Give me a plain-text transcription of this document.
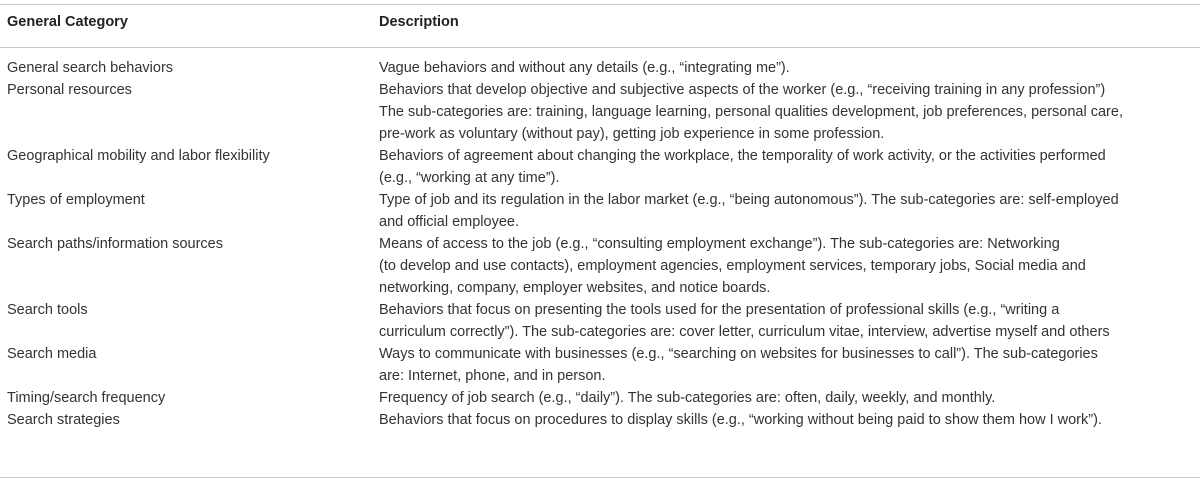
General Category	Description
General search behaviors	Vague behaviors and without any details (e.g., “integrating me”).
Personal resources	Behaviors that develop objective and subjective aspects of the worker (e.g., “receiving training in any profession”)
The sub-categories are: training, language learning, personal qualities development, job preferences, personal care,
pre-work as voluntary (without pay), getting job experience in some profession.
Geographical mobility and labor flexibility	Behaviors of agreement about changing the workplace, the temporality of work activity, or the activities performed
(e.g., “working at any time”).
Types of employment	Type of job and its regulation in the labor market (e.g., “being autonomous”). The sub-categories are: self-employed
and official employee.
Search paths/information sources	Means of access to the job (e.g., “consulting employment exchange”). The sub-categories are: Networking
(to develop and use contacts), employment agencies, employment services, temporary jobs, Social media and
networking, company, employer websites, and notice boards.
Search tools	Behaviors that focus on presenting the tools used for the presentation of professional skills (e.g., “writing a
curriculum correctly”). The sub-categories are: cover letter, curriculum vitae, interview, advertise myself and others
Search media	Ways to communicate with businesses (e.g., “searching on websites for businesses to call”). The sub-categories
are: Internet, phone, and in person.
Timing/search frequency	Frequency of job search (e.g., “daily”). The sub-categories are: often, daily, weekly, and monthly.
Search strategies	Behaviors that focus on procedures to display skills (e.g., “working without being paid to show them how I work”).
